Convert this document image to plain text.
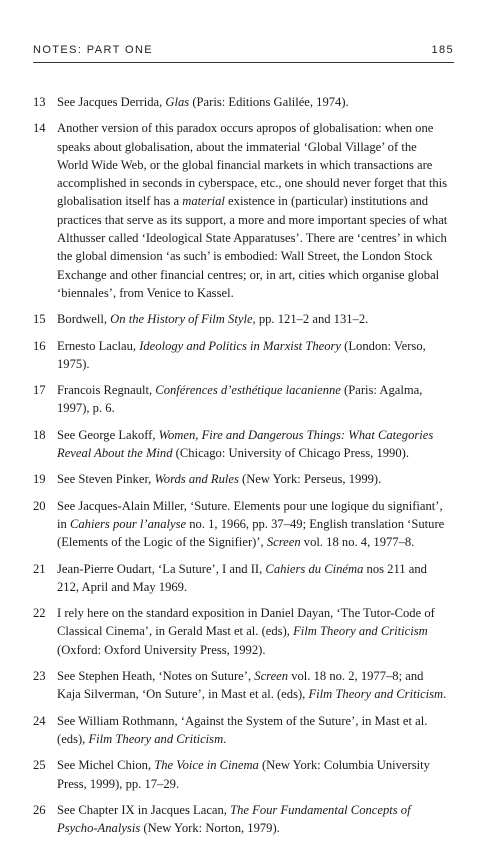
NOTES: PART ONE	185
13 See Jacques Derrida, Glas (Paris: Editions Galilée, 1974).
14 Another version of this paradox occurs apropos of globalisation: when one speaks about globalisation, about the immaterial ‘Global Village’ of the World Wide Web, or the global financial markets in which transactions are accomplished in seconds in cyberspace, etc., one should never forget that this globalisation itself has a material existence in (particular) institutions and practices that serve as its support, a more and more important species of what Althusser called ‘Ideological State Apparatuses’. There are ‘centres’ in which the global dimension ‘as such’ is embodied: Wall Street, the London Stock Exchange and other financial centres; or, in art, cities which organise global ‘biennales’, from Venice to Kassel.
15 Bordwell, On the History of Film Style, pp. 121–2 and 131–2.
16 Ernesto Laclau, Ideology and Politics in Marxist Theory (London: Verso, 1975).
17 Francois Regnault, Conférences d’esthétique lacanienne (Paris: Agalma, 1997), p. 6.
18 See George Lakoff, Women, Fire and Dangerous Things: What Categories Reveal About the Mind (Chicago: University of Chicago Press, 1990).
19 See Steven Pinker, Words and Rules (New York: Perseus, 1999).
20 See Jacques-Alain Miller, ‘Suture. Elements pour une logique du signifiant’, in Cahiers pour l’analyse no. 1, 1966, pp. 37–49; English translation ‘Suture (Elements of the Logic of the Signifier)’, Screen vol. 18 no. 4, 1977–8.
21 Jean-Pierre Oudart, ‘La Suture’, I and II, Cahiers du Cinéma nos 211 and 212, April and May 1969.
22 I rely here on the standard exposition in Daniel Dayan, ‘The Tutor-Code of Classical Cinema’, in Gerald Mast et al. (eds), Film Theory and Criticism (Oxford: Oxford University Press, 1992).
23 See Stephen Heath, ‘Notes on Suture’, Screen vol. 18 no. 2, 1977–8; and Kaja Silverman, ‘On Suture’, in Mast et al. (eds), Film Theory and Criticism.
24 See William Rothmann, ‘Against the System of the Suture’, in Mast et al. (eds), Film Theory and Criticism.
25 See Michel Chion, The Voice in Cinema (New York: Columbia University Press, 1999), pp. 17–29.
26 See Chapter IX in Jacques Lacan, The Four Fundamental Concepts of Psycho-Analysis (New York: Norton, 1979).
